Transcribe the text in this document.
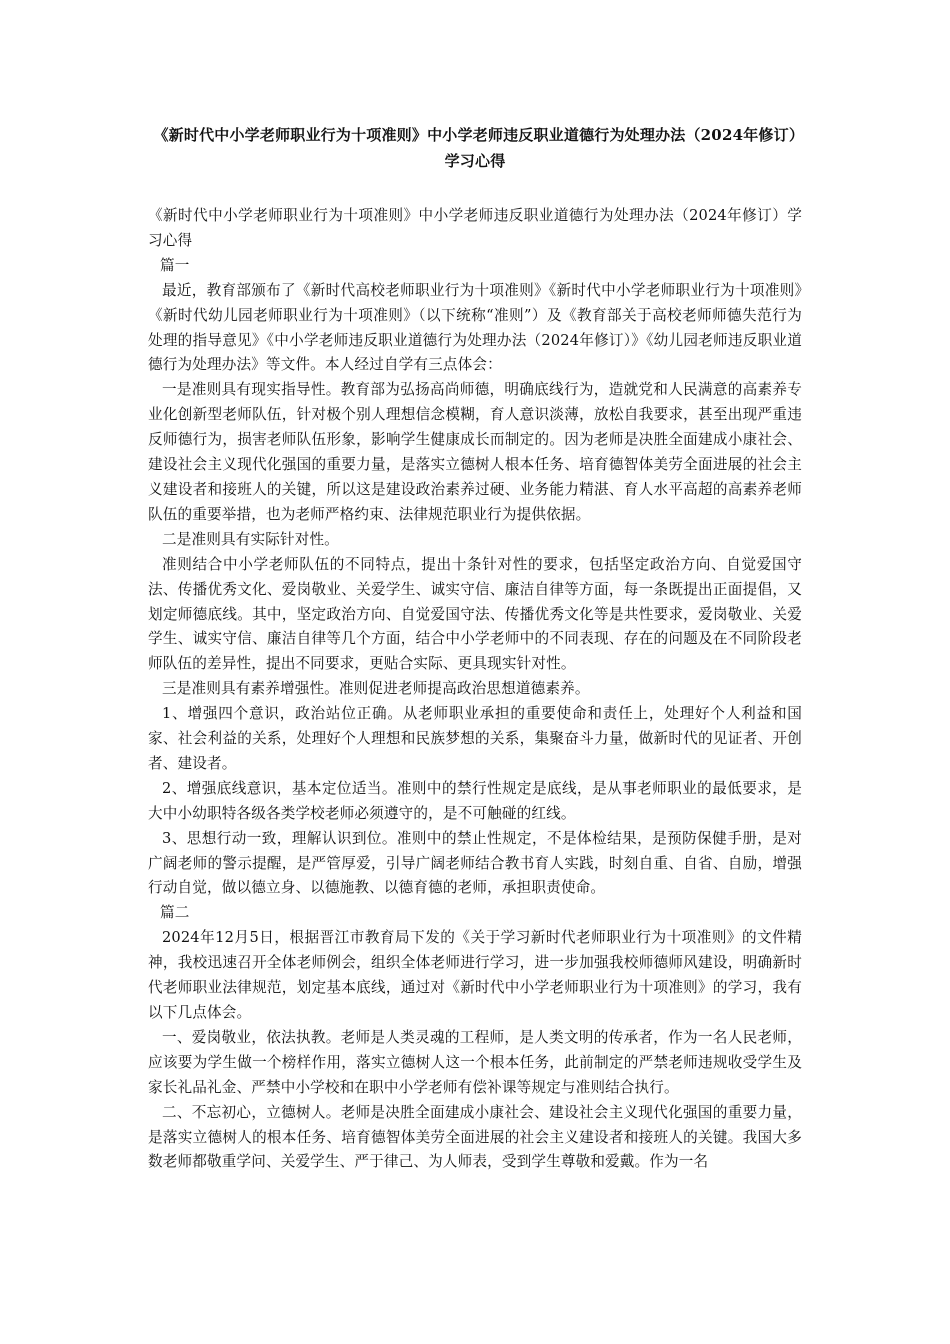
《新时代中小学老师职业行为十项准则》中小学老师违反职业道德行为处理办法（2024年修订）学习心得

《新时代中小学老师职业行为十项准则》中小学老师违反职业道德行为处理办法（2024年修订）学习心得

篇一

最近，教育部颁布了《新时代高校老师职业行为十项准则》《新时代中小学老师职业行为十项准则》《新时代幼儿园老师职业行为十项准则》（以下统称“准则”）及《教育部关于高校老师师德失范行为处理的指导意见》《中小学老师违反职业道德行为处理办法（2024年修订）》《幼儿园老师违反职业道德行为处理办法》等文件。本人经过自学有三点体会：

一是准则具有现实指导性。教育部为弘扬高尚师德，明确底线行为，造就党和人民满意的高素养专业化创新型老师队伍，针对极个别人理想信念模糊，育人意识淡薄，放松自我要求，甚至出现严重违反师德行为，损害老师队伍形象，影响学生健康成长而制定的。因为老师是决胜全面建成小康社会、建设社会主义现代化强国的重要力量，是落实立德树人根本任务、培育德智体美劳全面进展的社会主义建设者和接班人的关键，所以这是建设政治素养过硬、业务能力精湛、育人水平高超的高素养老师队伍的重要举措，也为老师严格约束、法律规范职业行为提供依据。

二是准则具有实际针对性。

准则结合中小学老师队伍的不同特点，提出十条针对性的要求，包括坚定政治方向、自觉爱国守法、传播优秀文化、爱岗敬业、关爱学生、诚实守信、廉洁自律等方面，每一条既提出正面提倡，又划定师德底线。其中，坚定政治方向、自觉爱国守法、传播优秀文化等是共性要求，爱岗敬业、关爱学生、诚实守信、廉洁自律等几个方面，结合中小学老师中的不同表现、存在的问题及在不同阶段老师队伍的差异性，提出不同要求，更贴合实际、更具现实针对性。

三是准则具有素养增强性。准则促进老师提高政治思想道德素养。

1、增强四个意识，政治站位正确。从老师职业承担的重要使命和责任上，处理好个人利益和国家、社会利益的关系，处理好个人理想和民族梦想的关系，集聚奋斗力量，做新时代的见证者、开创者、建设者。

2、增强底线意识，基本定位适当。准则中的禁行性规定是底线，是从事老师职业的最低要求，是大中小幼职特各级各类学校老师必须遵守的，是不可触碰的红线。

3、思想行动一致，理解认识到位。准则中的禁止性规定，不是体检结果，是预防保健手册，是对广阔老师的警示提醒，是严管厚爱，引导广阔老师结合教书育人实践，时刻自重、自省、自励，增强行动自觉，做以德立身、以德施教、以德育德的老师，承担职责使命。

篇二

2024年12月5日，根据晋江市教育局下发的《关于学习新时代老师职业行为十项准则》的文件精神，我校迅速召开全体老师例会，组织全体老师进行学习，进一步加强我校师德师风建设，明确新时代老师职业法律规范，划定基本底线，通过对《新时代中小学老师职业行为十项准则》的学习，我有以下几点体会。

一、爱岗敬业，依法执教。老师是人类灵魂的工程师，是人类文明的传承者，作为一名人民老师，应该要为学生做一个榜样作用，落实立德树人这一个根本任务，此前制定的严禁老师违规收受学生及家长礼品礼金、严禁中小学校和在职中小学老师有偿补课等规定与准则结合执行。

二、不忘初心，立德树人。老师是决胜全面建成小康社会、建设社会主义现代化强国的重要力量，是落实立德树人的根本任务、培育德智体美劳全面进展的社会主义建设者和接班人的关键。我国大多数老师都敬重学问、关爱学生、严于律己、为人师表，受到学生尊敬和爱戴。作为一名
